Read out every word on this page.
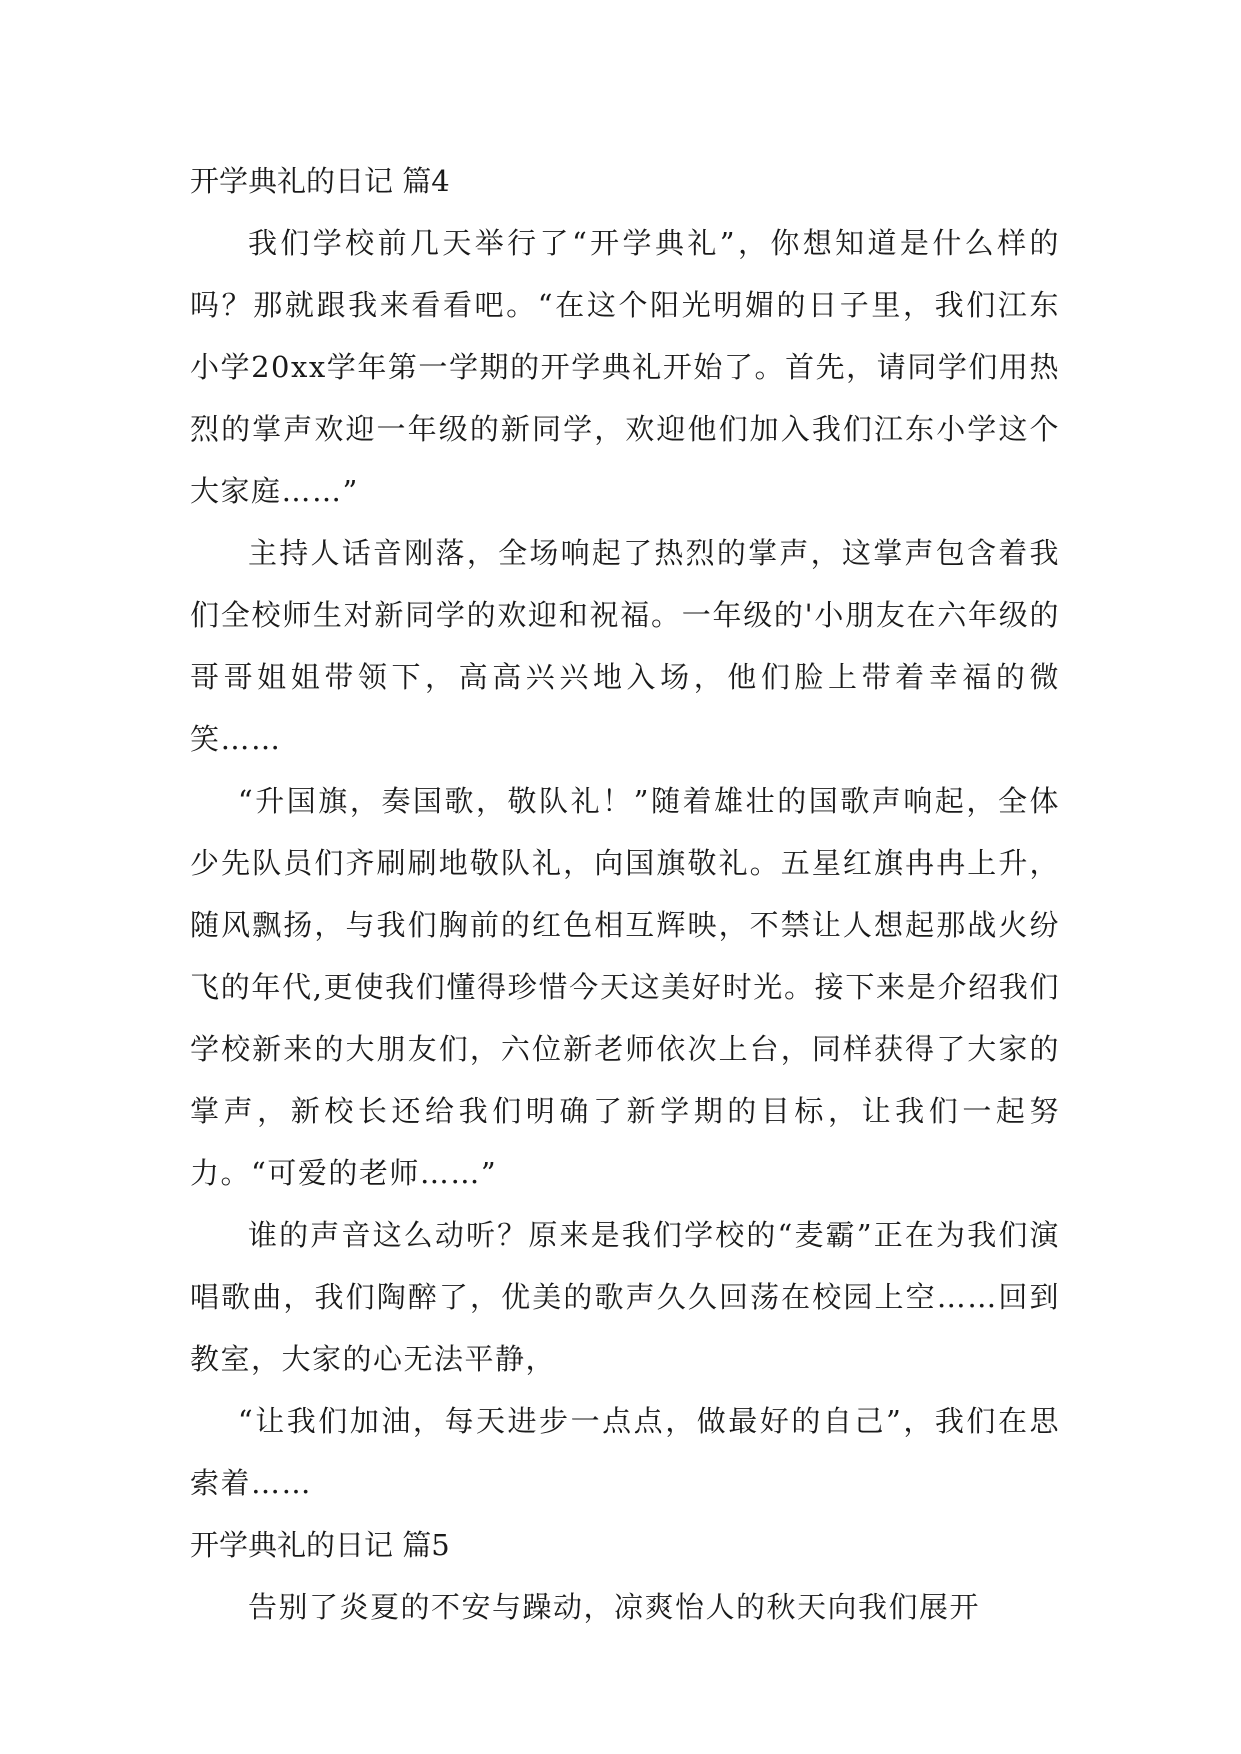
开学典礼的日记 篇4

我们学校前几天举行了“开学典礼”，你想知道是什么样的吗？那就跟我来看看吧。“在这个阳光明媚的日子里，我们江东小学20xx学年第一学期的开学典礼开始了。首先，请同学们用热烈的掌声欢迎一年级的新同学，欢迎他们加入我们江东小学这个大家庭……”

主持人话音刚落，全场响起了热烈的掌声，这掌声包含着我们全校师生对新同学的欢迎和祝福。一年级的'小朋友在六年级的哥哥姐姐带领下，高高兴兴地入场，他们脸上带着幸福的微笑……

“升国旗，奏国歌，敬队礼！”随着雄壮的国歌声响起，全体少先队员们齐刷刷地敬队礼，向国旗敬礼。五星红旗冉冉上升，随风飘扬，与我们胸前的红色相互辉映，不禁让人想起那战火纷飞的年代,更使我们懂得珍惜今天这美好时光。接下来是介绍我们学校新来的大朋友们，六位新老师依次上台，同样获得了大家的掌声，新校长还给我们明确了新学期的目标，让我们一起努力。“可爱的老师……”

谁的声音这么动听？原来是我们学校的“麦霸”正在为我们演唱歌曲，我们陶醉了，优美的歌声久久回荡在校园上空……回到教室，大家的心无法平静，

“让我们加油，每天进步一点点，做最好的自己”，我们在思索着……

开学典礼的日记 篇5

告别了炎夏的不安与躁动，凉爽怡人的秋天向我们展开
